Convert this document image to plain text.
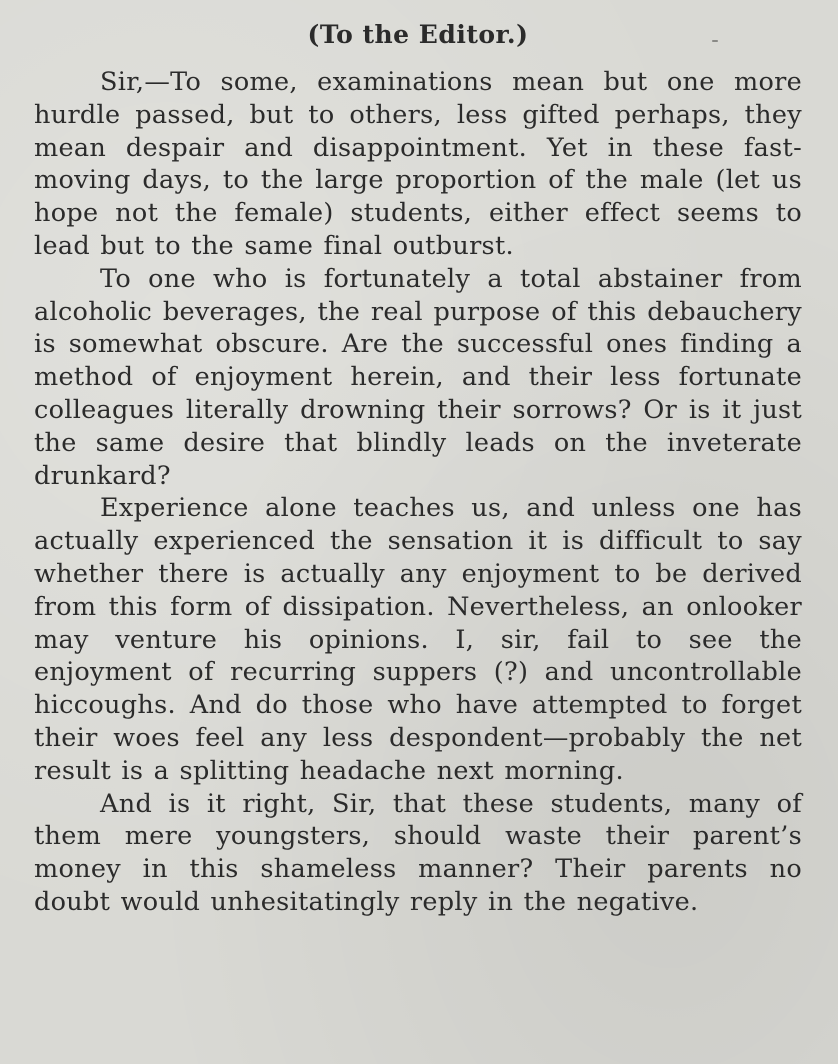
(To the Editor.)

Sir,—To some, examinations mean but one more hurdle passed, but to others, less gifted perhaps, they mean despair and disappointment. Yet in these fast-moving days, to the large proportion of the male (let us hope not the female) students, either effect seems to lead but to the same final outburst.

To one who is fortunately a total abstainer from alcoholic beverages, the real purpose of this debauchery is somewhat obscure. Are the successful ones finding a method of enjoyment herein, and their less fortunate colleagues literally drowning their sorrows? Or is it just the same desire that blindly leads on the inveterate drunkard?

Experience alone teaches us, and unless one has actually experienced the sensation it is difficult to say whether there is actually any enjoyment to be derived from this form of dissipation. Nevertheless, an onlooker may venture his opinions. I, sir, fail to see the enjoyment of recurring suppers (?) and uncontrollable hiccoughs. And do those who have attempted to forget their woes feel any less despondent—probably the net result is a splitting headache next morning.

And is it right, Sir, that these students, many of them mere youngsters, should waste their parent’s money in this shameless manner? Their parents no doubt would unhesitatingly reply in the negative.
